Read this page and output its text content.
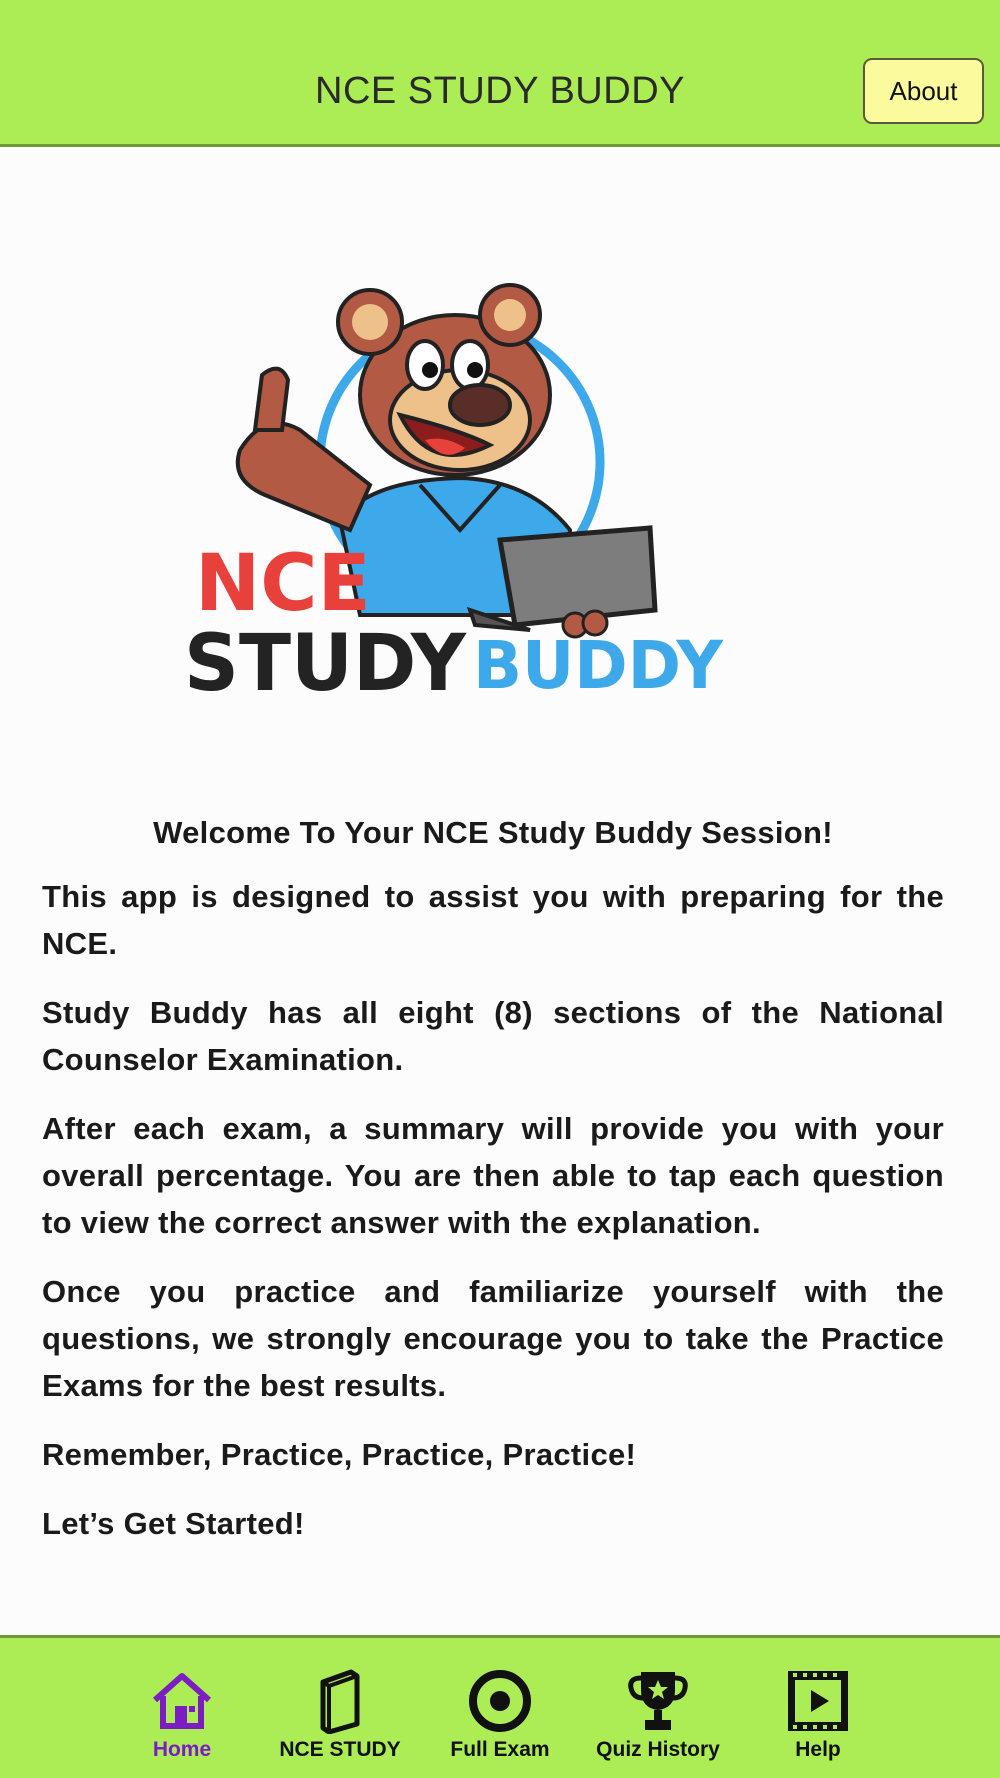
NCE STUDY BUDDY	About
NCE
STUDY BUDDY

Welcome To Your NCE Study Buddy Session!

This app is designed to assist you with preparing for the NCE.

Study Buddy has all eight (8) sections of the National Counselor Examination.

After each exam, a summary will provide you with your overall percentage. You are then able to tap each question to view the correct answer with the explanation.

Once you practice and familiarize yourself with the questions, we strongly encourage you to take the Practice Exams for the best results.

Remember, Practice, Practice, Practice!

Let’s Get Started!

Home	NCE STUDY	Full Exam	Quiz History	Help
